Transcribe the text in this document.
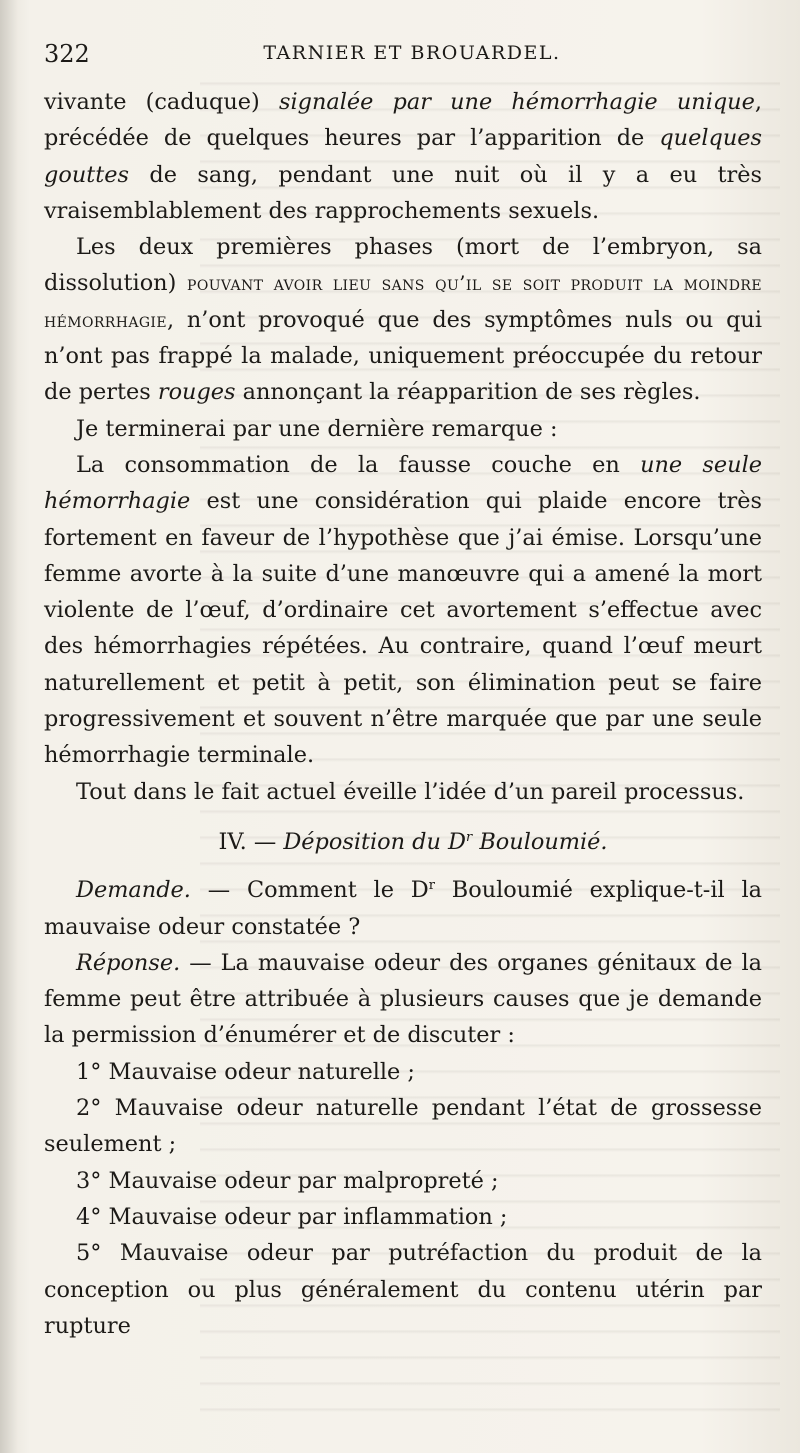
322	TARNIER ET BROUARDEL.

vivante (caduque) signalée par une hémorrhagie unique, précédée de quelques heures par l’apparition de quelques gouttes de sang, pendant une nuit où il y a eu très vraisemblablement des rapprochements sexuels.

Les deux premières phases (mort de l’embryon, sa dissolution) pouvant avoir lieu sans qu’il se soit produit la moindre hémorrhagie, n’ont provoqué que des symptômes nuls ou qui n’ont pas frappé la malade, uniquement préoccupée du retour de pertes rouges annonçant la réapparition de ses règles.

Je terminerai par une dernière remarque :

La consommation de la fausse couche en une seule hémorrhagie est une considération qui plaide encore très fortement en faveur de l’hypothèse que j’ai émise. Lorsqu’une femme avorte à la suite d’une manœuvre qui a amené la mort violente de l’œuf, d’ordinaire cet avortement s’effectue avec des hémorrhagies répétées. Au contraire, quand l’œuf meurt naturellement et petit à petit, son élimination peut se faire progressivement et souvent n’être marquée que par une seule hémorrhagie terminale.

Tout dans le fait actuel éveille l’idée d’un pareil processus.

IV. — Déposition du $D^r$ Bouloumié.

Demande. — Comment le $D^r$ Bouloumié explique-t-il la mauvaise odeur constatée ?

Réponse. — La mauvaise odeur des organes génitaux de la femme peut être attribuée à plusieurs causes que je demande la permission d’énumérer et de discuter :

1° Mauvaise odeur naturelle ;

2° Mauvaise odeur naturelle pendant l’état de grossesse seulement ;

3° Mauvaise odeur par malpropreté ;

4° Mauvaise odeur par inflammation ;

5° Mauvaise odeur par putréfaction du produit de la conception ou plus généralement du contenu utérin par rupture
